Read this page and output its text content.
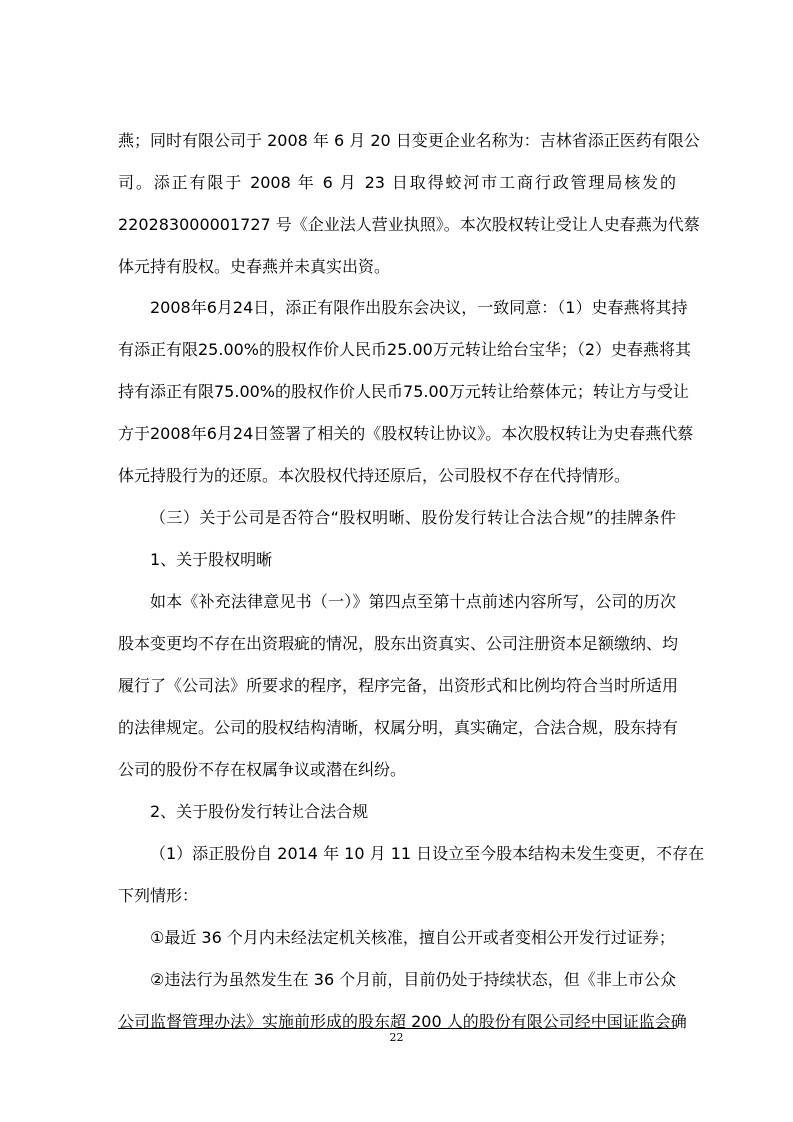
燕；同时有限公司于 2008 年 6 月 20 日变更企业名称为：吉林省添正医药有限公
司。添正有限于 2008 年 6 月 23 日取得蛟河市工商行政管理局核发的
220283000001727 号《企业法人营业执照》。本次股权转让受让人史春燕为代蔡
体元持有股权。史春燕并未真实出资。
2008年6月24日，添正有限作出股东会决议，一致同意：（1）史春燕将其持
有添正有限25.00%的股权作价人民币25.00万元转让给台宝华；（2）史春燕将其
持有添正有限75.00%的股权作价人民币75.00万元转让给蔡体元；转让方与受让
方于2008年6月24日签署了相关的《股权转让协议》。本次股权转让为史春燕代蔡
体元持股行为的还原。本次股权代持还原后，公司股权不存在代持情形。
（三）关于公司是否符合“股权明晰、股份发行转让合法合规”的挂牌条件
1、关于股权明晰
如本《补充法律意见书（一）》第四点至第十点前述内容所写，公司的历次
股本变更均不存在出资瑕疵的情况，股东出资真实、公司注册资本足额缴纳、均
履行了《公司法》所要求的程序，程序完备，出资形式和比例均符合当时所适用
的法律规定。公司的股权结构清晰，权属分明，真实确定，合法合规，股东持有
公司的股份不存在权属争议或潜在纠纷。
2、关于股份发行转让合法合规
（1）添正股份自 2014 年 10 月 11 日设立至今股本结构未发生变更，不存在
下列情形：
①最近 36 个月内未经法定机关核准，擅自公开或者变相公开发行过证券；
②违法行为虽然发生在 36 个月前，目前仍处于持续状态，但《非上市公众
公司监督管理办法》实施前形成的股东超 200 人的股份有限公司经中国证监会确
22
